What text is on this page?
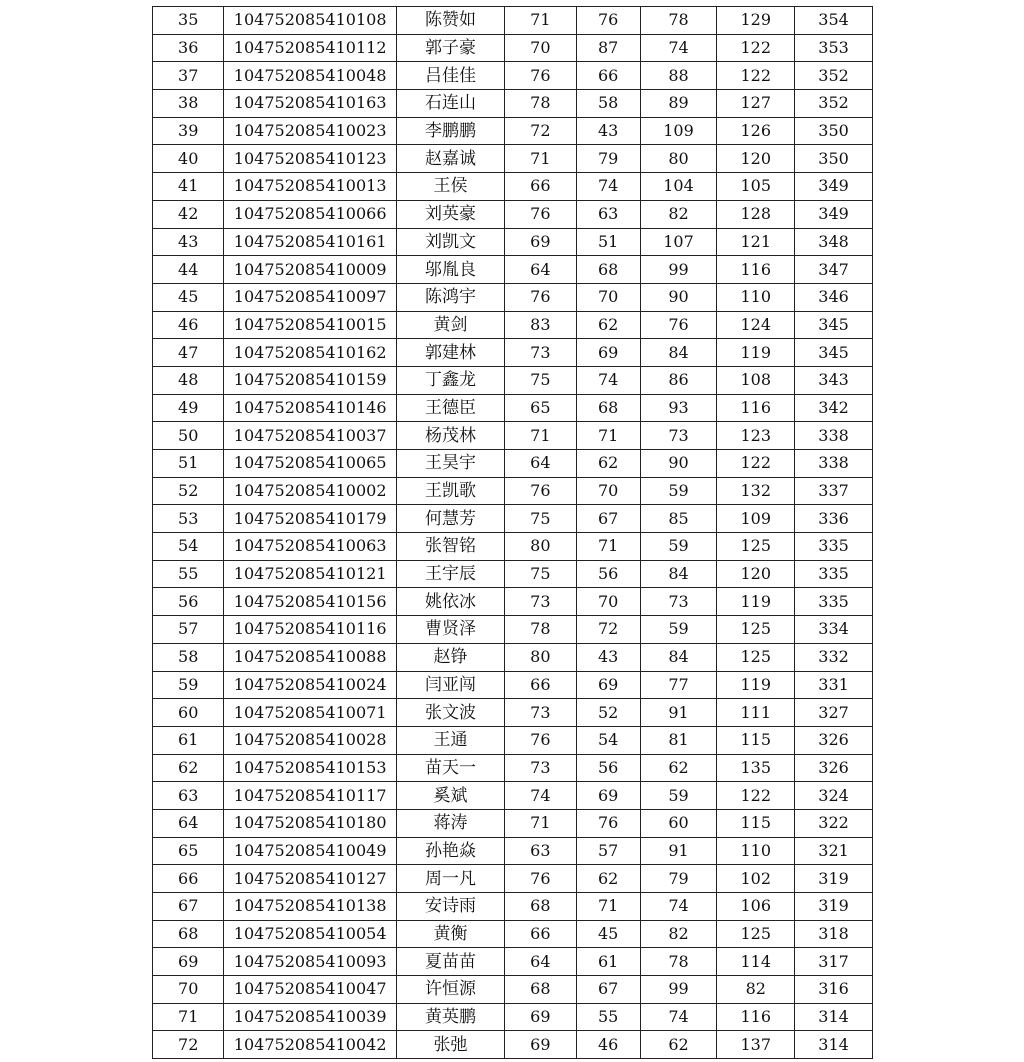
35	104752085410108	陈赞如	71	76	78	129	354
36	104752085410112	郭子豪	70	87	74	122	353
37	104752085410048	吕佳佳	76	66	88	122	352
38	104752085410163	石连山	78	58	89	127	352
39	104752085410023	李鹏鹏	72	43	109	126	350
40	104752085410123	赵嘉诚	71	79	80	120	350
41	104752085410013	王侯	66	74	104	105	349
42	104752085410066	刘英豪	76	63	82	128	349
43	104752085410161	刘凯文	69	51	107	121	348
44	104752085410009	邬胤良	64	68	99	116	347
45	104752085410097	陈鸿宇	76	70	90	110	346
46	104752085410015	黄剑	83	62	76	124	345
47	104752085410162	郭建林	73	69	84	119	345
48	104752085410159	丁鑫龙	75	74	86	108	343
49	104752085410146	王德臣	65	68	93	116	342
50	104752085410037	杨茂林	71	71	73	123	338
51	104752085410065	王昊宇	64	62	90	122	338
52	104752085410002	王凯歌	76	70	59	132	337
53	104752085410179	何慧芳	75	67	85	109	336
54	104752085410063	张智铭	80	71	59	125	335
55	104752085410121	王宇辰	75	56	84	120	335
56	104752085410156	姚依冰	73	70	73	119	335
57	104752085410116	曹贤泽	78	72	59	125	334
58	104752085410088	赵铮	80	43	84	125	332
59	104752085410024	闫亚闯	66	69	77	119	331
60	104752085410071	张文波	73	52	91	111	327
61	104752085410028	王通	76	54	81	115	326
62	104752085410153	苗天一	73	56	62	135	326
63	104752085410117	奚斌	74	69	59	122	324
64	104752085410180	蒋涛	71	76	60	115	322
65	104752085410049	孙艳焱	63	57	91	110	321
66	104752085410127	周一凡	76	62	79	102	319
67	104752085410138	安诗雨	68	71	74	106	319
68	104752085410054	黄衡	66	45	82	125	318
69	104752085410093	夏苗苗	64	61	78	114	317
70	104752085410047	许恒源	68	67	99	82	316
71	104752085410039	黄英鹏	69	55	74	116	314
72	104752085410042	张弛	69	46	62	137	314
